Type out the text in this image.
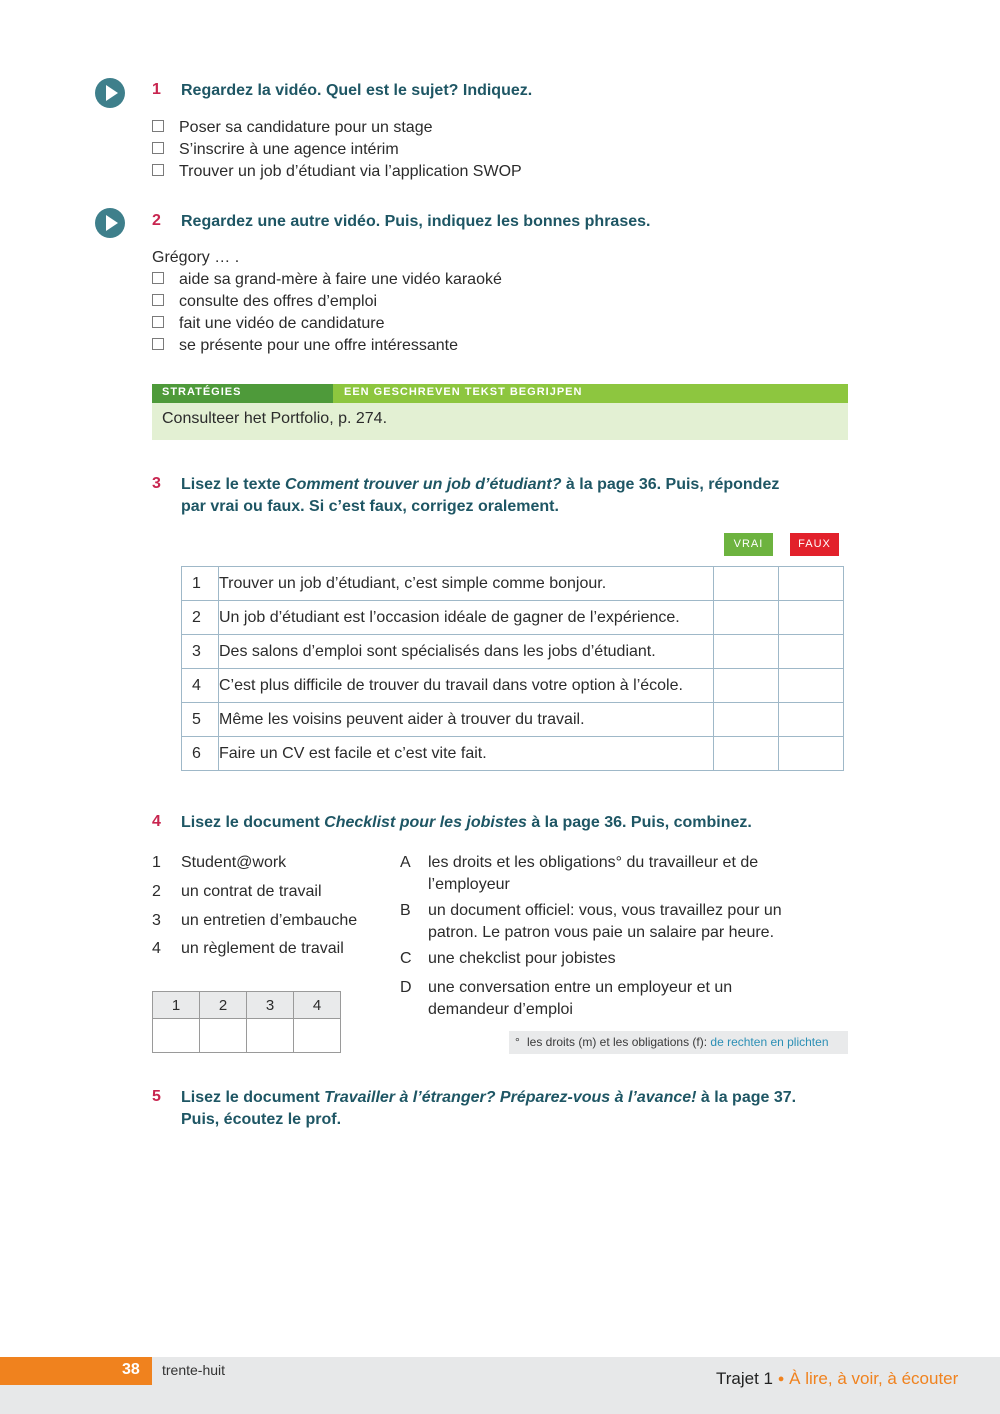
1 Regardez la vidéo. Quel est le sujet? Indiquez.
Poser sa candidature pour un stage
S’inscrire à une agence intérim
Trouver un job d’étudiant via l’application SWOP
2 Regardez une autre vidéo. Puis, indiquez les bonnes phrases.
Grégory … .
aide sa grand-mère à faire une vidéo karaoké
consulte des offres d’emploi
fait une vidéo de candidature
se présente pour une offre intéressante
STRATÉGIES	EEN GESCHREVEN TEKST BEGRIJPEN
Consulteer het Portfolio, p. 274.
3 Lisez le texte Comment trouver un job d’étudiant? à la page 36. Puis, répondez
par vrai ou faux. Si c’est faux, corrigez oralement.
VRAI	FAUX
1	Trouver un job d’étudiant, c’est simple comme bonjour.		
2	Un job d’étudiant est l’occasion idéale de gagner de l’expérience.		
3	Des salons d’emploi sont spécialisés dans les jobs d’étudiant.		
4	C’est plus difficile de trouver du travail dans votre option à l’école.		
5	Même les voisins peuvent aider à trouver du travail.		
6	Faire un CV est facile et c’est vite fait.		
4 Lisez le document Checklist pour les jobistes à la page 36. Puis, combinez.
1 Student@work
2 un contrat de travail
3 un entretien d’embauche
4 un règlement de travail
A les droits et les obligations° du travailleur et de
l’employeur
B un document officiel: vous, vous travaillez pour un
patron. Le patron vous paie un salaire par heure.
C une chekclist pour jobistes
D une conversation entre un employeur et un
demandeur d’emploi
1	2	3	4

° les droits (m) et les obligations (f): de rechten en plichten
5 Lisez le document Travailler à l’étranger? Préparez-vous à l’avance! à la page 37.
Puis, écoutez le prof.
38 trente-huit	Trajet 1 ● À lire, à voir, à écouter
